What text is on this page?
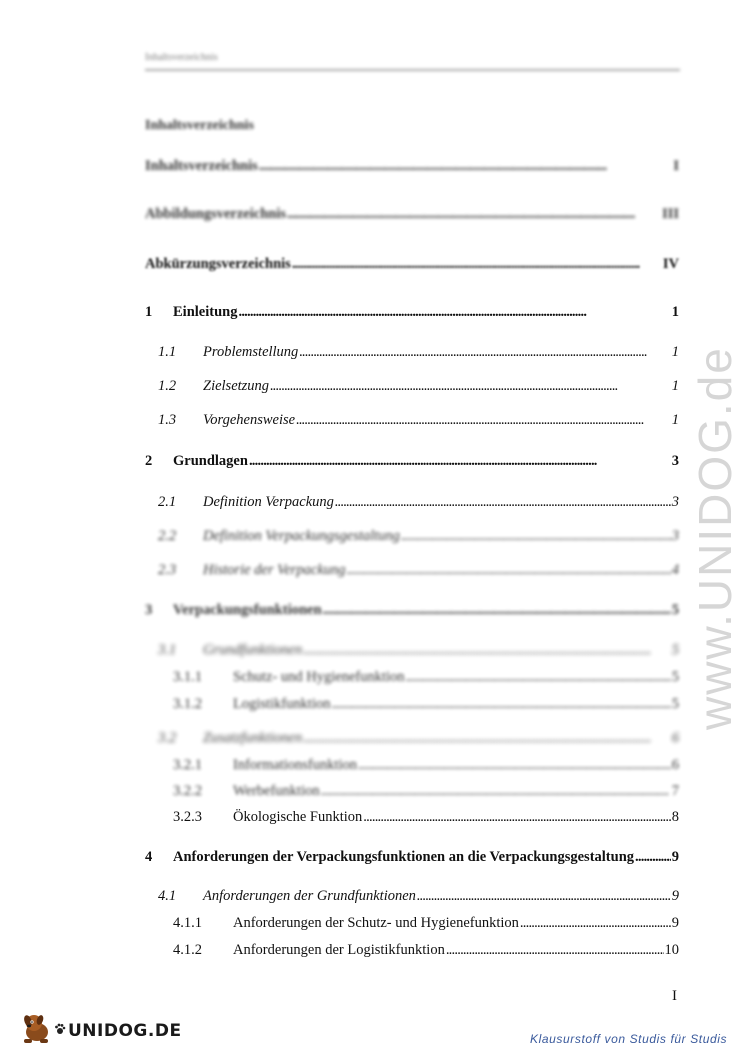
Inhaltsverzeichnis
Inhaltsverzeichnis
Inhaltsverzeichnis . . .	I
Abbildungsverzeichnis . . .	III
Abkürzungsverzeichnis . . .	IV
1	Einleitung . . .	1
1.1	Problemstellung . . .	1
1.2	Zielsetzung . . .	1
1.3	Vorgehensweise . . .	1
2	Grundlagen . . .	3
2.1	Definition Verpackung . . .	3
2.2	Definition Verpackungsgestaltung . . .	3
2.3	Historie der Verpackung . . .	4
3	Verpackungsfunktionen . . .	5
3.1	Grundfunktionen . . .	5
3.1.1	Schutz- und Hygienefunktion . . .	5
3.1.2	Logistikfunktion . . .	5
3.2	Zusatzfunktionen . . .	6
3.2.1	Informationsfunktion . . .	6
3.2.2	Werbefunktion . . .	7
3.2.3	Ökologische Funktion . . .	8
4	Anforderungen der Verpackungsfunktionen an die Verpackungsgestaltung . . .	9
4.1	Anforderungen der Grundfunktionen . . .	9
4.1.1	Anforderungen der Schutz- und Hygienefunktion . . .	9
4.1.2	Anforderungen der Logistikfunktion . . .	10
I
www.UNIDOG.de
UNIDOG.DE	Klausurstoff von Studis für Studis
